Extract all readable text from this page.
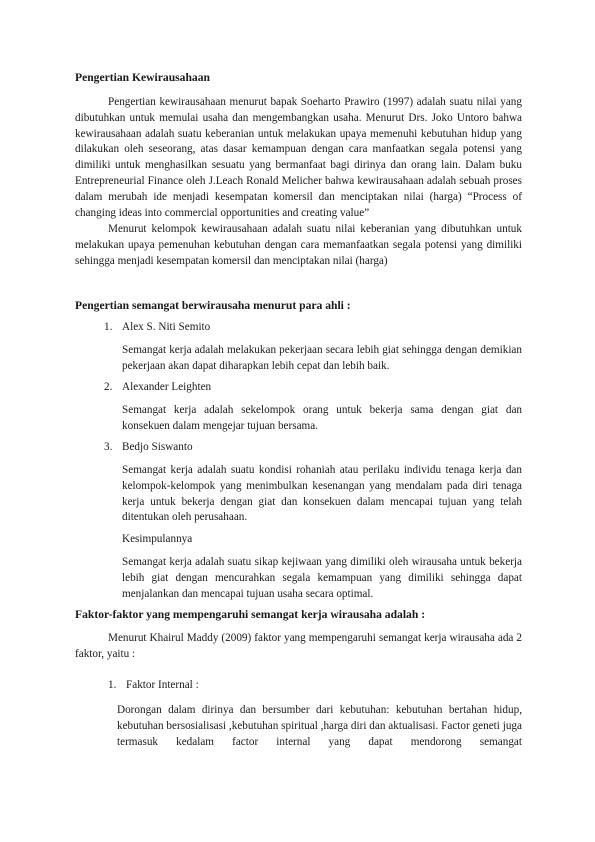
Pengertian Kewirausahaan

Pengertian kewirausahaan menurut bapak Soeharto Prawiro (1997) adalah suatu nilai yang dibutuhkan untuk memulai usaha dan mengembangkan usaha. Menurut Drs. Joko Untoro bahwa kewirausahaan adalah suatu keberanian untuk melakukan upaya memenuhi kebutuhan hidup yang dilakukan oleh seseorang, atas dasar kemampuan dengan cara manfaatkan segala potensi yang dimiliki untuk menghasilkan sesuatu yang bermanfaat bagi dirinya dan orang lain. Dalam buku Entrepreneurial Finance oleh J.Leach Ronald Melicher bahwa kewirausahaan adalah sebuah proses dalam merubah ide menjadi kesempatan komersil dan menciptakan nilai (harga) “Process of changing ideas into commercial opportunities and creating value”

Menurut kelompok kewirausahaan adalah suatu nilai keberanian yang dibutuhkan untuk melakukan upaya pemenuhan kebutuhan dengan cara memanfaatkan segala potensi yang dimiliki sehingga menjadi kesempatan komersil dan menciptakan nilai (harga)

Pengertian semangat berwirausaha menurut para ahli :
1. Alex S. Niti Semito

Semangat kerja adalah melakukan pekerjaan secara lebih giat sehingga dengan demikian pekerjaan akan dapat diharapkan lebih cepat dan lebih baik.

2. Alexander Leighten

Semangat kerja adalah sekelompok orang untuk bekerja sama dengan giat dan konsekuen dalam mengejar tujuan bersama.

3. Bedjo Siswanto

Semangat kerja adalah suatu kondisi rohaniah atau perilaku individu tenaga kerja dan kelompok-kelompok yang menimbulkan kesenangan yang mendalam pada diri tenaga kerja untuk bekerja dengan giat dan konsekuen dalam mencapai tujuan yang telah ditentukan oleh perusahaan.

Kesimpulannya

Semangat kerja adalah suatu sikap kejiwaan yang dimiliki oleh wirausaha untuk bekerja lebih giat dengan mencurahkan segala kemampuan yang dimiliki sehingga dapat menjalankan dan mencapai tujuan usaha secara optimal.

Faktor-faktor yang mempengaruhi semangat kerja wirausaha adalah :

Menurut Khairul Maddy (2009) faktor yang mempengaruhi semangat kerja wirausaha ada 2 faktor, yaitu :

1. Faktor Internal :

Dorongan dalam dirinya dan bersumber dari kebutuhan: kebutuhan bertahan hidup, kebutuhan bersosialisasi ,kebutuhan spiritual ,harga diri dan aktualisasi. Factor geneti juga termasuk kedalam factor internal yang dapat mendorong semangat
